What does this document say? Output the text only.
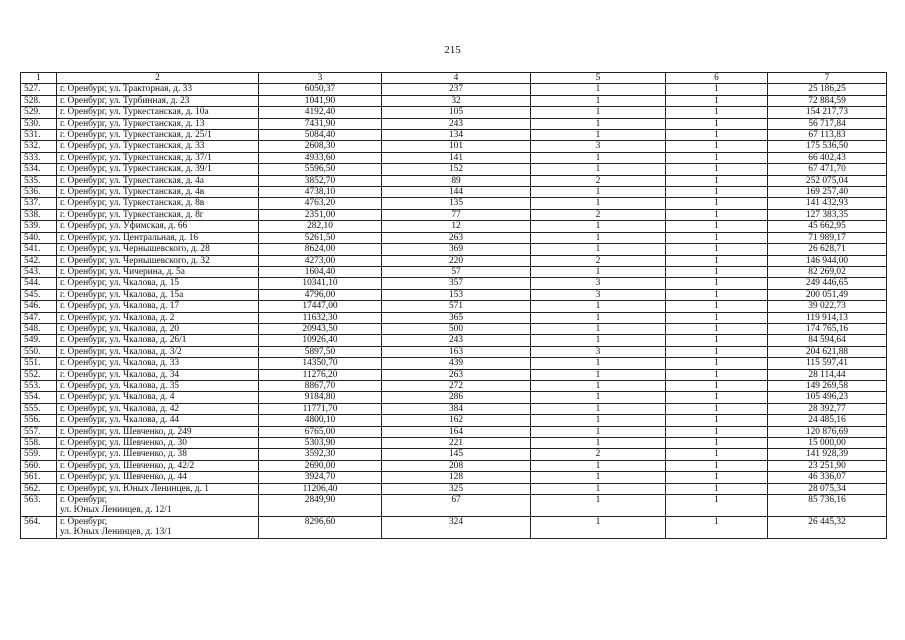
215
1	2	3	4	5	6	7
527.	г. Оренбург, ул. Тракторная, д. 33	6050,37	237	1	1	25 186,25
528.	г. Оренбург, ул. Турбинная, д. 23	1041,90	32	1	1	72 884,59
529.	г. Оренбург, ул. Туркестанская, д. 10а	4192,40	105	1	1	154 217,73
530.	г. Оренбург, ул. Туркестанская, д. 13	7431,90	243	1	1	56 717,84
531.	г. Оренбург, ул. Туркестанская, д. 25/1	5084,40	134	1	1	67 113,83
532.	г. Оренбург, ул. Туркестанская, д. 33	2608,30	101	3	1	175 536,50
533.	г. Оренбург, ул. Туркестанская, д. 37/1	4933,60	141	1	1	66 402,43
534.	г. Оренбург, ул. Туркестанская, д. 39/1	5596,50	152	1	1	67 471,70
535.	г. Оренбург, ул. Туркестанская, д. 4а	3852,70	89	2	1	252 075,04
536.	г. Оренбург, ул. Туркестанская, д. 4в	4738,10	144	1	1	169 257,40
537.	г. Оренбург, ул. Туркестанская, д. 8в	4763,20	135	1	1	141 432,93
538.	г. Оренбург, ул. Туркестанская, д. 8г	2351,00	77	2	1	127 383,35
539.	г. Оренбург, ул. Уфимская, д. 66	282,10	12	1	1	45 662,95
540.	г. Оренбург, ул. Центральная, д. 16	5261,50	263	1	1	71 989,17
541.	г. Оренбург, ул. Чернышевского, д. 28	8624,00	369	1	1	26 628,71
542.	г. Оренбург, ул. Чернышевского, д. 32	4273,00	220	2	1	146 944,00
543.	г. Оренбург, ул. Чичерина, д. 5а	1604,40	57	1	1	82 269,02
544.	г. Оренбург, ул. Чкалова, д. 15	10341,10	357	3	1	249 446,65
545.	г. Оренбург, ул. Чкалова, д. 15а	4796,00	153	3	1	200 051,49
546.	г. Оренбург, ул. Чкалова, д. 17	17447,00	571	1	1	39 022,73
547.	г. Оренбург, ул. Чкалова, д. 2	11632,30	365	1	1	119 914,13
548.	г. Оренбург, ул. Чкалова, д. 20	20943,50	500	1	1	174 765,16
549.	г. Оренбург, ул. Чкалова, д. 26/1	10926,40	243	1	1	84 594,64
550.	г. Оренбург, ул. Чкалова, д. 3/2	5897,50	163	3	1	204 621,88
551.	г. Оренбург, ул. Чкалова, д. 33	14350,70	439	1	1	115 597,41
552.	г. Оренбург, ул. Чкалова, д. 34	11276,20	263	1	1	28 114,44
553.	г. Оренбург, ул. Чкалова, д. 35	8867,70	272	1	1	149 269,58
554.	г. Оренбург, ул. Чкалова, д. 4	9184,80	286	1	1	105 496,23
555.	г. Оренбург, ул. Чкалова, д. 42	11771,70	384	1	1	28 392,77
556.	г. Оренбург, ул. Чкалова, д. 44	4800,10	162	1	1	24 485,16
557.	г. Оренбург, ул. Шевченко, д. 249	6765,00	164	1	1	120 876,69
558.	г. Оренбург, ул. Шевченко, д. 30	5303,90	221	1	1	15 000,00
559.	г. Оренбург, ул. Шевченко, д. 38	3592,30	145	2	1	141 928,39
560.	г. Оренбург, ул. Шевченко, д. 42/2	2690,00	208	1	1	23 251,90
561.	г. Оренбург, ул. Шевченко, д. 44	3924,70	128	1	1	46 336,07
562.	г. Оренбург, ул. Юных Ленинцев, д. 1	11206,40	325	1	1	28 075,34
563.	г. Оренбург,
ул. Юных Ленинцев, д. 12/1	2849,90	67	1	1	85 736,16
564.	г. Оренбург,
ул. Юных Ленинцев, д. 13/1	8296,60	324	1	1	26 445,32
